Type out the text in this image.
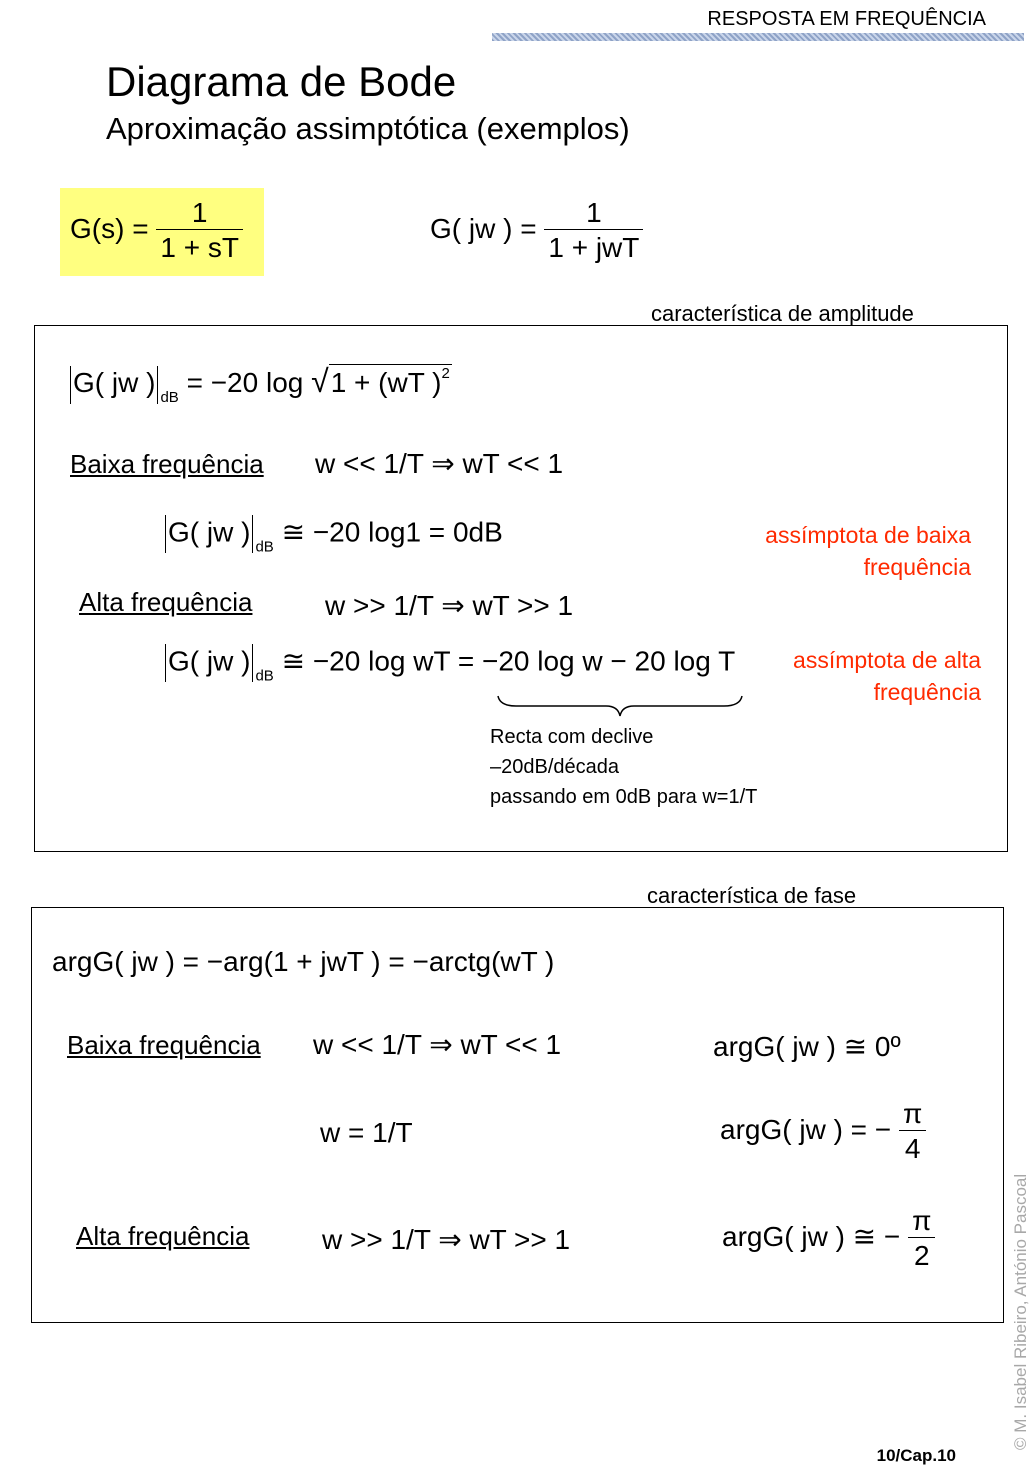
RESPOSTA EM FREQUÊNCIA
Diagrama de Bode
Aproximação assimptótica (exemplos)
$G(s) = \frac{1}{1 + sT}$	G( jw ) = $\frac{1}{\text{1 + jwT}}$
característica de amplitude
G( jw ) $_{dB}$ = −20 log √1 + (wT )$^2$
Baixa frequência w << 1/T ⇒ wT << 1
G( jw ) $_{dB}$ ≅ −20 log1 = 0dB	assímptota de baixa
frequência
Alta frequência	w >> 1/T ⇒ wT >> 1
G( jw ) $_{dB}$ ≅ −20 log wT = −20 log w − 20 log T	assímptota de alta
frequência
Recta com declive
–20dB/década
passando em 0dB para w=1/T
característica de fase
argG( jw ) = −arg(1 + jwT ) = −arctg(wT )
Baixa frequência w << 1/T ⇒ wT << 1	argG( jw ) ≅ 0º
w = 1/T	argG( jw ) = − $\frac{\pi}{4}$
Alta frequência	w >> 1/T ⇒ wT >> 1	argG( jw ) ≅ − $\frac{\pi}{2}$	© M. Isabel Ribeiro, António Pascoal
10/Cap.10
